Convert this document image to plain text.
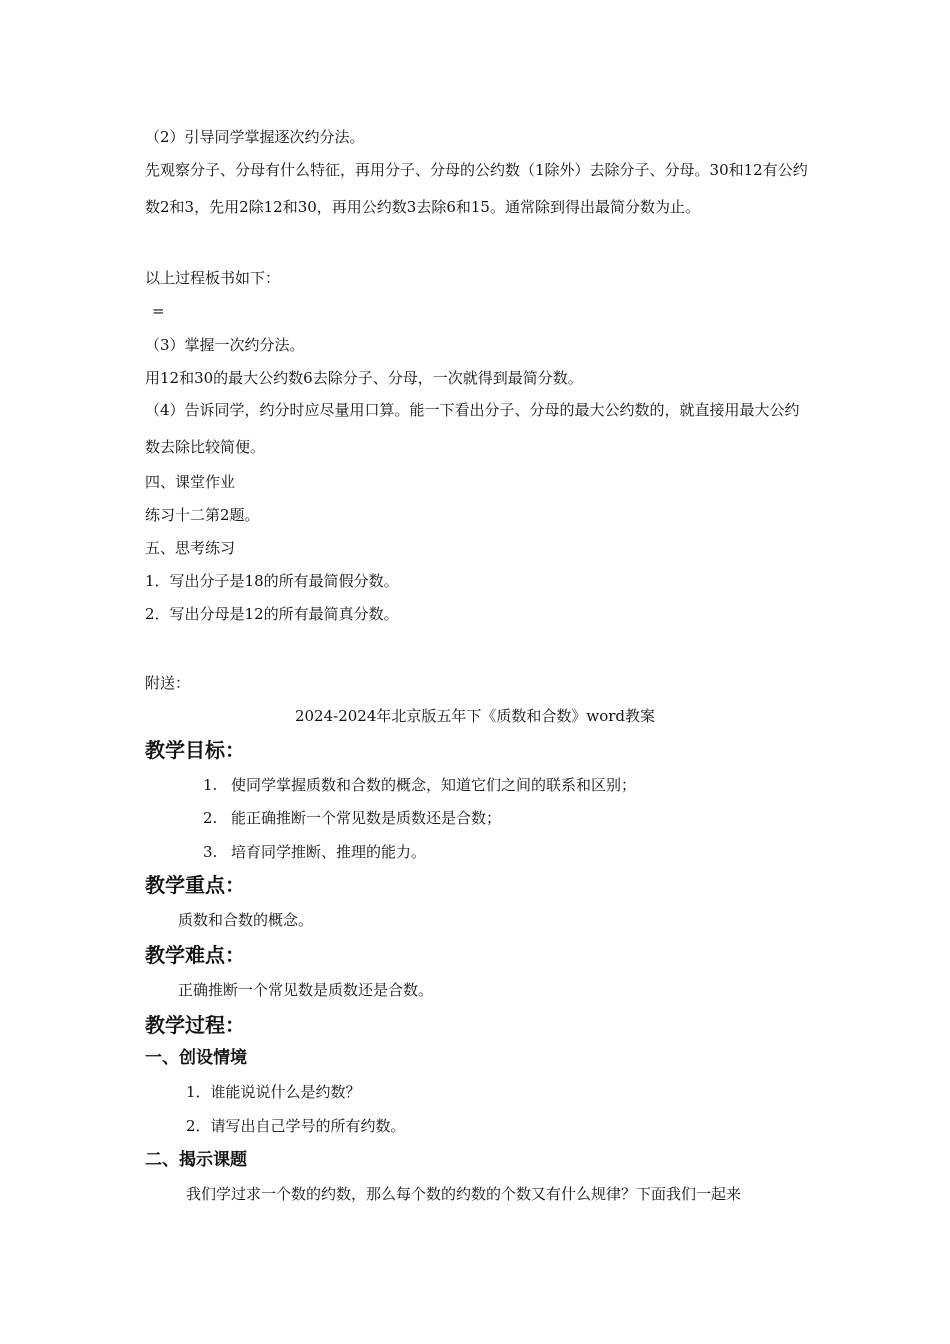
（2）引导同学掌握逐次约分法。
先观察分子、分母有什么特征，再用分子、分母的公约数（1除外）去除分子、分母。30和12有公约数2和3，先用2除12和30，再用公约数3去除6和15。通常除到得出最简分数为止。
以上过程板书如下：
=
（3）掌握一次约分法。
用12和30的最大公约数6去除分子、分母，一次就得到最简分数。
（4）告诉同学，约分时应尽量用口算。能一下看出分子、分母的最大公约数的，就直接用最大公约数去除比较简便。
四、课堂作业
练习十二第2题。
五、思考练习
1．写出分子是18的所有最简假分数。
2．写出分母是12的所有最简真分数。
附送：
2024-2024年北京版五年下《质数和合数》word教案
教学目标：
1. 使同学掌握质数和合数的概念，知道它们之间的联系和区别；
2. 能正确推断一个常见数是质数还是合数；
3. 培育同学推断、推理的能力。
教学重点：
质数和合数的概念。
教学难点：
正确推断一个常见数是质数还是合数。
教学过程：
一、创设情境
1．谁能说说什么是约数？
2．请写出自己学号的所有约数。
二、揭示课题
我们学过求一个数的约数，那么每个数的约数的个数又有什么规律？下面我们一起来
